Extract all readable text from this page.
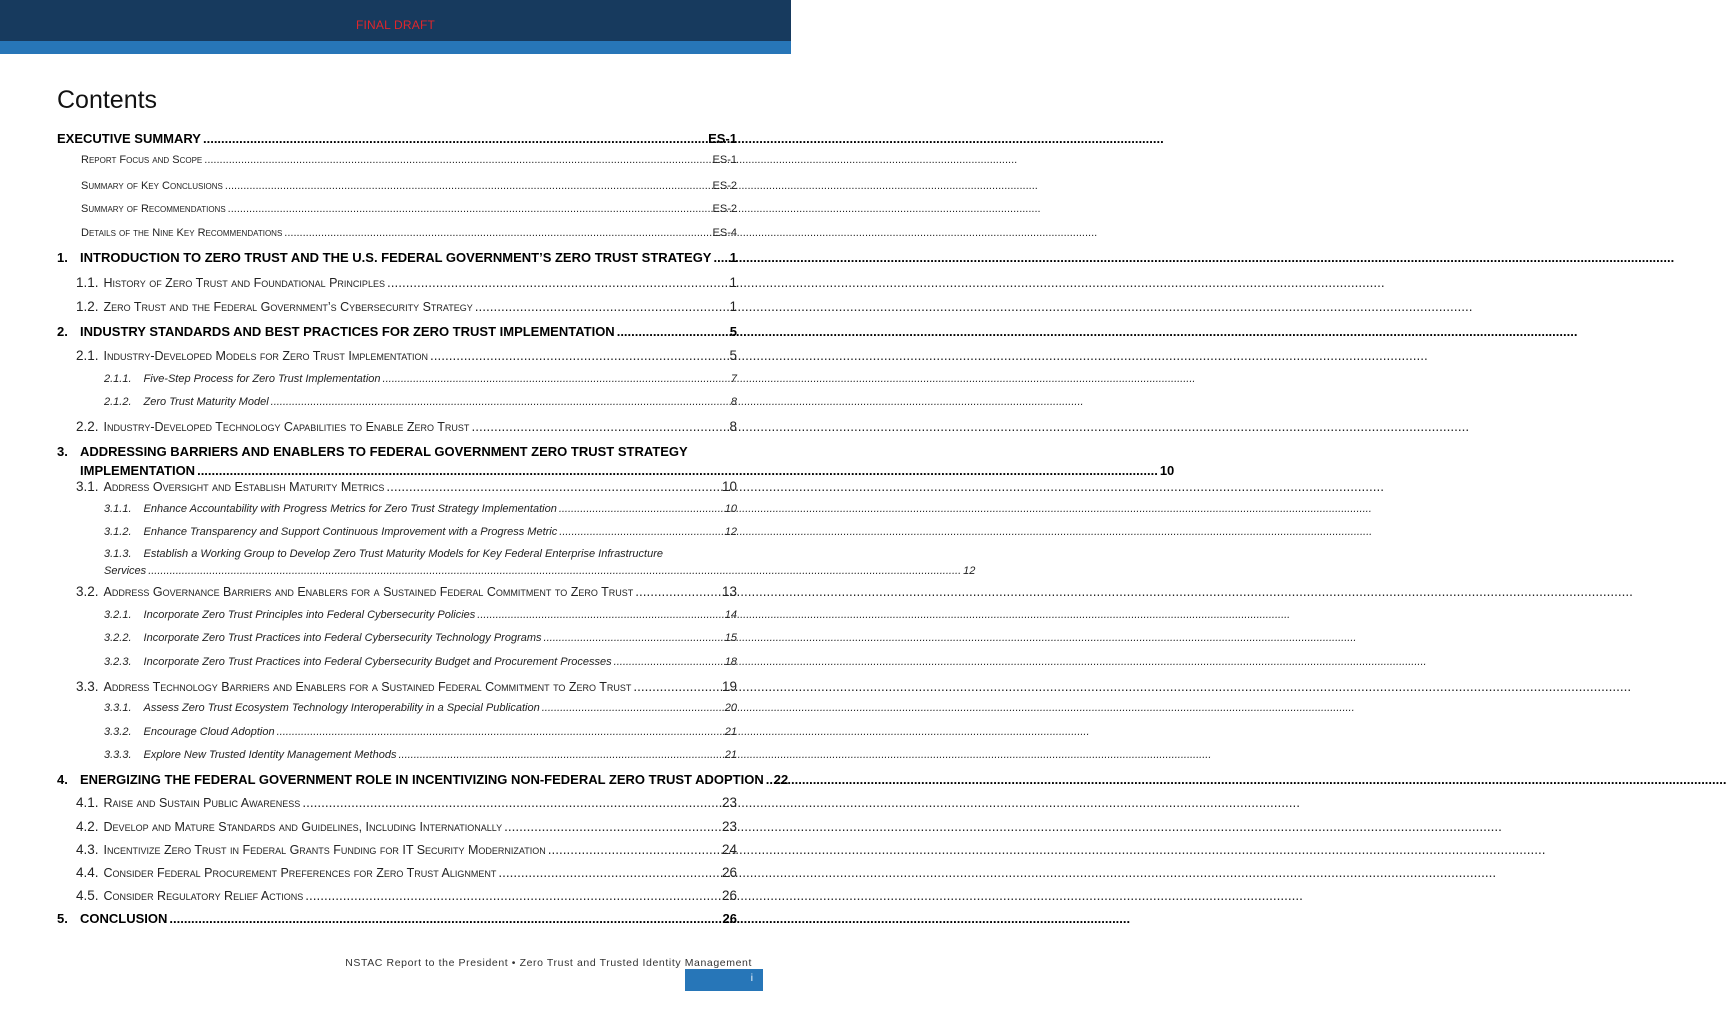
FINAL DRAFT
Contents
EXECUTIVE SUMMARY .....	ES-1
Report Focus and Scope .....	ES-1
Summary of Key Conclusions .....	ES-2
Summary of Recommendations .....	ES-2
Details of the Nine Key Recommendations .....	ES-4
1. INTRODUCTION TO ZERO TRUST AND THE U.S. FEDERAL GOVERNMENT’S ZERO TRUST STRATEGY ..... 1
1.1. History of Zero Trust and Foundational Principles .....	1
1.2. Zero Trust and the Federal Government’s Cybersecurity Strategy .....	1
2. INDUSTRY STANDARDS AND BEST PRACTICES FOR ZERO TRUST IMPLEMENTATION .....	5
2.1. Industry-Developed Models for Zero Trust Implementation .....	5
2.1.1. Five-Step Process for Zero Trust Implementation .....	7
2.1.2. Zero Trust Maturity Model .....	8
2.2. Industry-Developed Technology Capabilities to Enable Zero Trust .....	8
3. ADDRESSING BARRIERS AND ENABLERS TO FEDERAL GOVERNMENT ZERO TRUST STRATEGY
IMPLEMENTATION .....	10
3.1. Address Oversight and Establish Maturity Metrics .....	10
3.1.1. Enhance Accountability with Progress Metrics for Zero Trust Strategy Implementation .....	10
3.1.2. Enhance Transparency and Support Continuous Improvement with a Progress Metric .....	12
3.1.3. Establish a Working Group to Develop Zero Trust Maturity Models for Key Federal Enterprise Infrastructure
Services .....	12
3.2. Address Governance Barriers and Enablers for a Sustained Federal Commitment to Zero Trust .....	13
3.2.1. Incorporate Zero Trust Principles into Federal Cybersecurity Policies .....	14
3.2.2. Incorporate Zero Trust Practices into Federal Cybersecurity Technology Programs .....	15
3.2.3. Incorporate Zero Trust Practices into Federal Cybersecurity Budget and Procurement Processes .....	18
3.3. Address Technology Barriers and Enablers for a Sustained Federal Commitment to Zero Trust .....	19
3.3.1. Assess Zero Trust Ecosystem Technology Interoperability in a Special Publication .....	20
3.3.2. Encourage Cloud Adoption .....	21
3.3.3. Explore New Trusted Identity Management Methods .....	21
4. ENERGIZING THE FEDERAL GOVERNMENT ROLE IN INCENTIVIZING NON-FEDERAL ZERO TRUST ADOPTION ..... 22
4.1. Raise and Sustain Public Awareness .....	23
4.2. Develop and Mature Standards and Guidelines, Including Internationally .....	23
4.3. Incentivize Zero Trust in Federal Grants Funding for IT Security Modernization .....	24
4.4. Consider Federal Procurement Preferences for Zero Trust Alignment .....	26
4.5. Consider Regulatory Relief Actions .....	26
5. CONCLUSION .....	26
NSTAC Report to the President • Zero Trust and Trusted Identity Management
i
